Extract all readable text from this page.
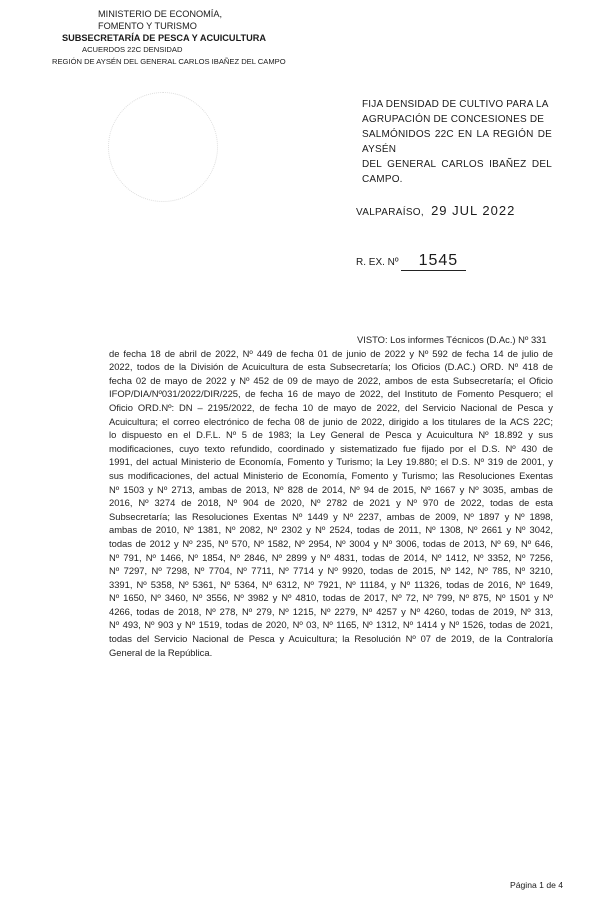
MINISTERIO DE ECONOMÍA,
FOMENTO Y TURISMO
SUBSECRETARÍA DE PESCA Y ACUICULTURA
ACUERDOS 22C DENSIDAD
REGIÓN DE AYSÉN DEL GENERAL CARLOS IBAÑEZ DEL CAMPO
FIJA DENSIDAD DE CULTIVO PARA LA
AGRUPACIÓN DE CONCESIONES DE
SALMÓNIDOS 22C EN LA REGIÓN DE AYSÉN
DEL GENERAL CARLOS IBAÑEZ DEL CAMPO.
VALPARAÍSO, 29 JUL 2022
R. EX. Nº 1545
VISTO: Los informes Técnicos (D.Ac.) Nº 331
de fecha 18 de abril de 2022, Nº 449 de fecha 01 de junio de 2022 y Nº 592 de fecha 14 de julio de
2022, todos de la División de Acuicultura de esta Subsecretaría; los Oficios (D.AC.) ORD. Nº 418 de
fecha 02 de mayo de 2022 y Nº 452 de 09 de mayo de 2022, ambos de esta Subsecretaría; el Oficio
IFOP/DIA/Nº031/2022/DIR/225, de fecha 16 de mayo de 2022, del Instituto de Fomento Pesquero; el
Oficio ORD.Nº: DN – 2195/2022, de fecha 10 de mayo de 2022, del Servicio Nacional de Pesca y
Acuicultura; el correo electrónico de fecha 08 de junio de 2022, dirigido a los titulares de la ACS 22C;
lo dispuesto en el D.F.L. Nº 5 de 1983; la Ley General de Pesca y Acuicultura Nº 18.892 y sus
modificaciones, cuyo texto refundido, coordinado y sistematizado fue fijado por el D.S. Nº 430 de
1991, del actual Ministerio de Economía, Fomento y Turismo; la Ley 19.880; el D.S. Nº 319 de 2001, y
sus modificaciones, del actual Ministerio de Economía, Fomento y Turismo; las Resoluciones Exentas
Nº 1503 y Nº 2713, ambas de 2013, Nº 828 de 2014, Nº 94 de 2015, Nº 1667 y Nº 3035, ambas de
2016, Nº 3274 de 2018, Nº 904 de 2020, Nº 2782 de 2021 y Nº 970 de 2022, todas de esta
Subsecretaría; las Resoluciones Exentas Nº 1449 y Nº 2237, ambas de 2009, Nº 1897 y Nº 1898,
ambas de 2010, Nº 1381, Nº 2082, Nº 2302 y Nº 2524, todas de 2011, Nº 1308, Nº 2661 y Nº 3042,
todas de 2012 y Nº 235, Nº 570, Nº 1582, Nº 2954, Nº 3004 y Nº 3006, todas de 2013, Nº 69, Nº 646,
Nº 791, Nº 1466, Nº 1854, Nº 2846, Nº 2899 y Nº 4831, todas de 2014, Nº 1412, Nº 3352, Nº 7256,
Nº 7297, Nº 7298, Nº 7704, Nº 7711, Nº 7714 y Nº 9920, todas de 2015, Nº 142, Nº 785, Nº 3210,
3391, Nº 5358, Nº 5361, Nº 5364, Nº 6312, Nº 7921, Nº 11184, y Nº 11326, todas de 2016, Nº 1649,
Nº 1650, Nº 3460, Nº 3556, Nº 3982 y Nº 4810, todas de 2017, Nº 72, Nº 799, Nº 875, Nº 1501 y Nº
4266, todas de 2018, Nº 278, Nº 279, Nº 1215, Nº 2279, Nº 4257 y Nº 4260, todas de 2019, Nº 313,
Nº 493, Nº 903 y Nº 1519, todas de 2020, Nº 03, Nº 1165, Nº 1312, Nº 1414 y Nº 1526, todas de 2021,
todas del Servicio Nacional de Pesca y Acuicultura; la Resolución Nº 07 de 2019, de la Contraloría
General de la República.
Página 1 de 4
